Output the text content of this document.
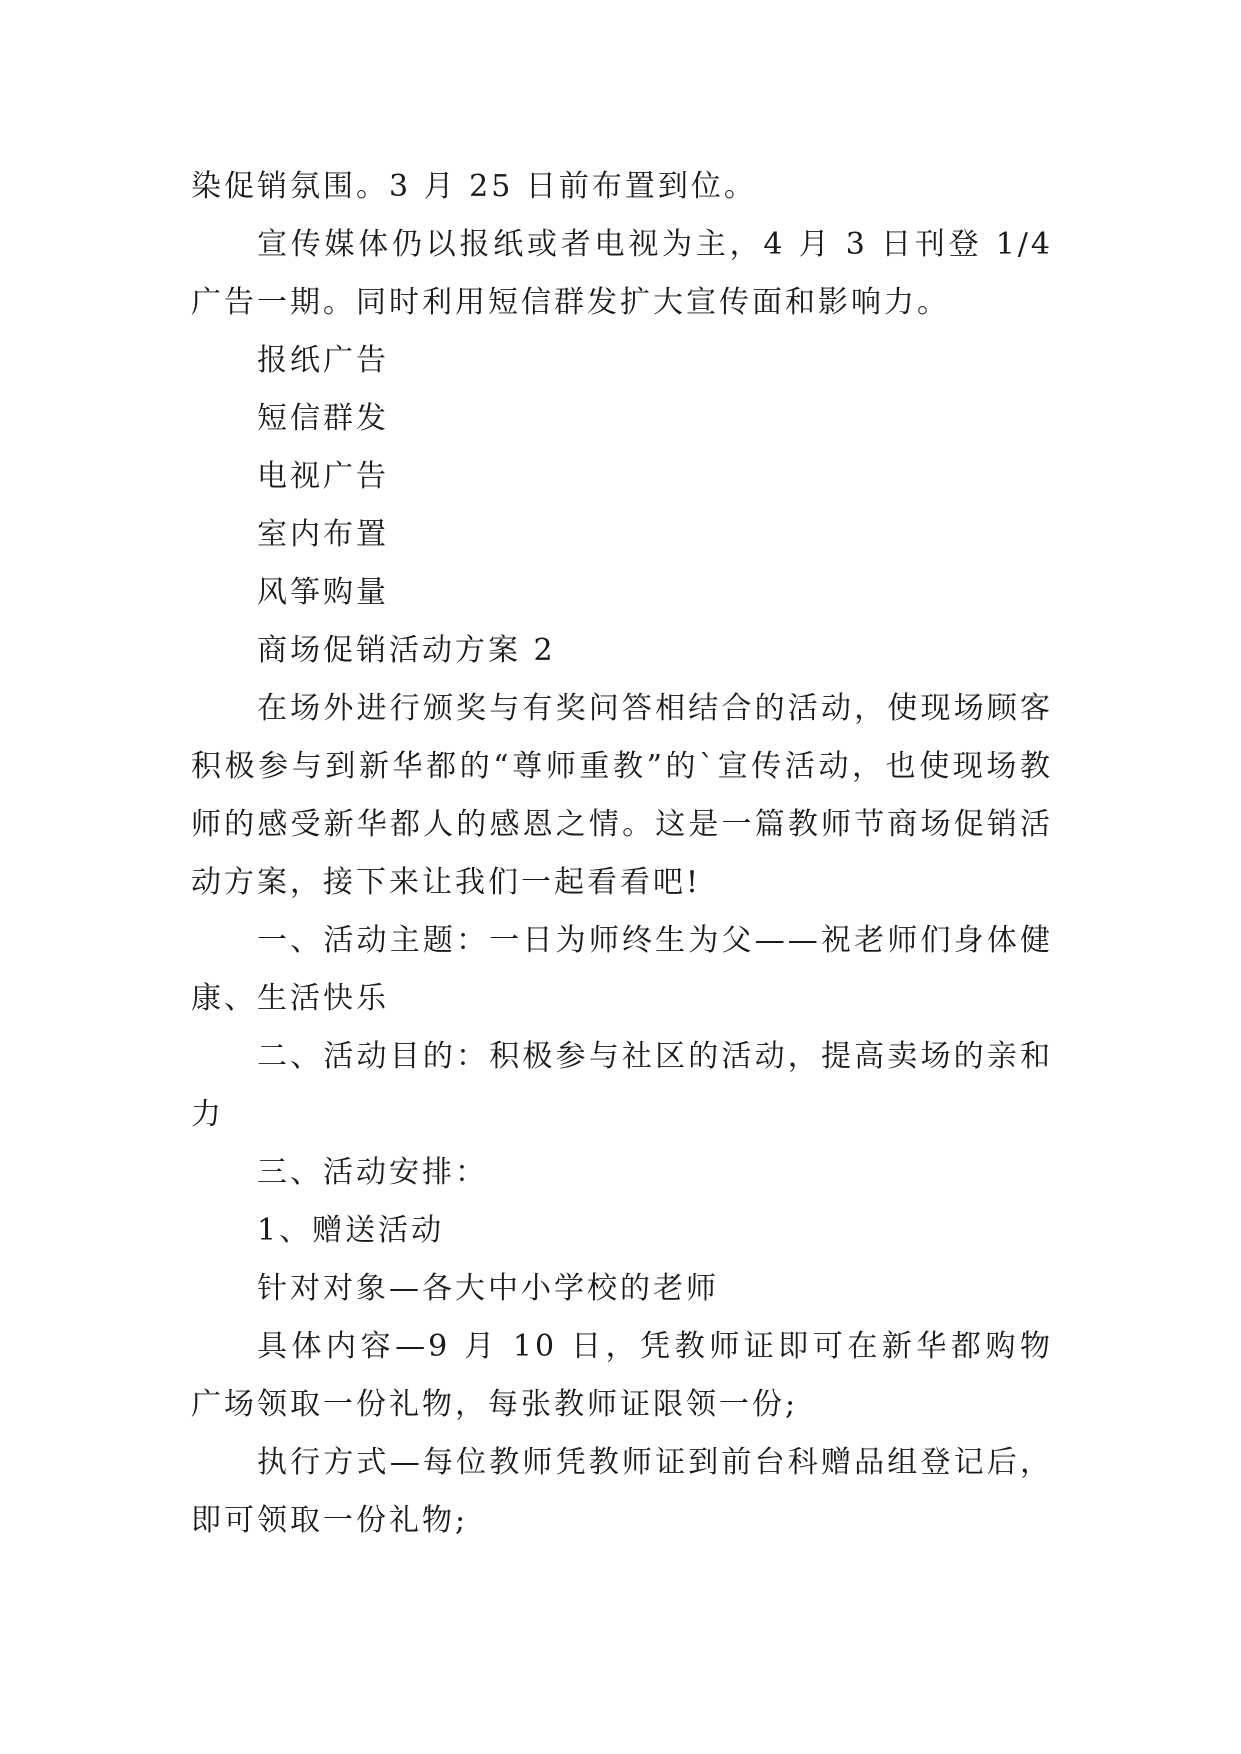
染促销氛围。3 月 25 日前布置到位。

宣传媒体仍以报纸或者电视为主，4 月 3 日刊登 1/4 广告一期。同时利用短信群发扩大宣传面和影响力。

报纸广告

短信群发

电视广告

室内布置

风筝购量

商场促销活动方案 2

在场外进行颁奖与有奖问答相结合的活动，使现场顾客积极参与到新华都的“尊师重教”的`宣传活动，也使现场教师的感受新华都人的感恩之情。这是一篇教师节商场促销活动方案，接下来让我们一起看看吧!

一、活动主题：一日为师终生为父——祝老师们身体健康、生活快乐

二、活动目的：积极参与社区的活动，提高卖场的亲和力

三、活动安排：

1、赠送活动

针对对象—各大中小学校的老师

具体内容—9 月 10 日，凭教师证即可在新华都购物广场领取一份礼物，每张教师证限领一份;

执行方式—每位教师凭教师证到前台科赠品组登记后，即可领取一份礼物;
